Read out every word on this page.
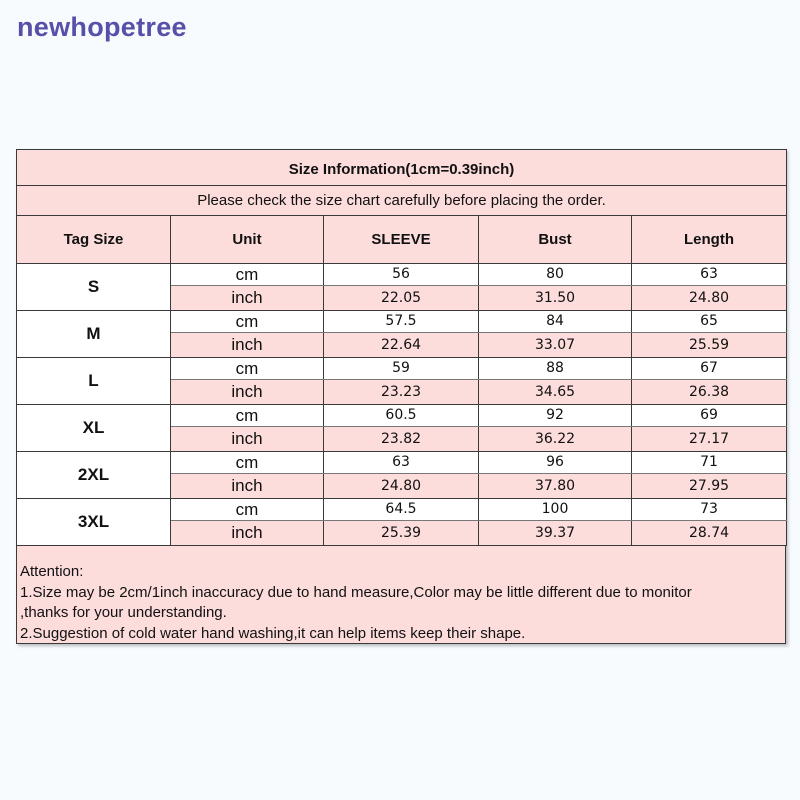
newhopetree
Size Information(1cm=0.39inch)				
Please check the size chart carefully before placing the order.				
Tag Size	Unit	SLEEVE	Bust	Length
S	cm	56	80	63
	inch	22.05	31.50	24.80
M	cm	57.5	84	65
	inch	22.64	33.07	25.59
L	cm	59	88	67
	inch	23.23	34.65	26.38
XL	cm	60.5	92	69
	inch	23.82	36.22	27.17
2XL	cm	63	96	71
	inch	24.80	37.80	27.95
3XL	cm	64.5	100	73
	inch	25.39	39.37	28.74
Attention:
1.Size may be 2cm/1inch inaccuracy due to hand measure,Color may be little different due to monitor
,thanks for your understanding.
2.Suggestion of cold water hand washing,it can help items keep their shape.
